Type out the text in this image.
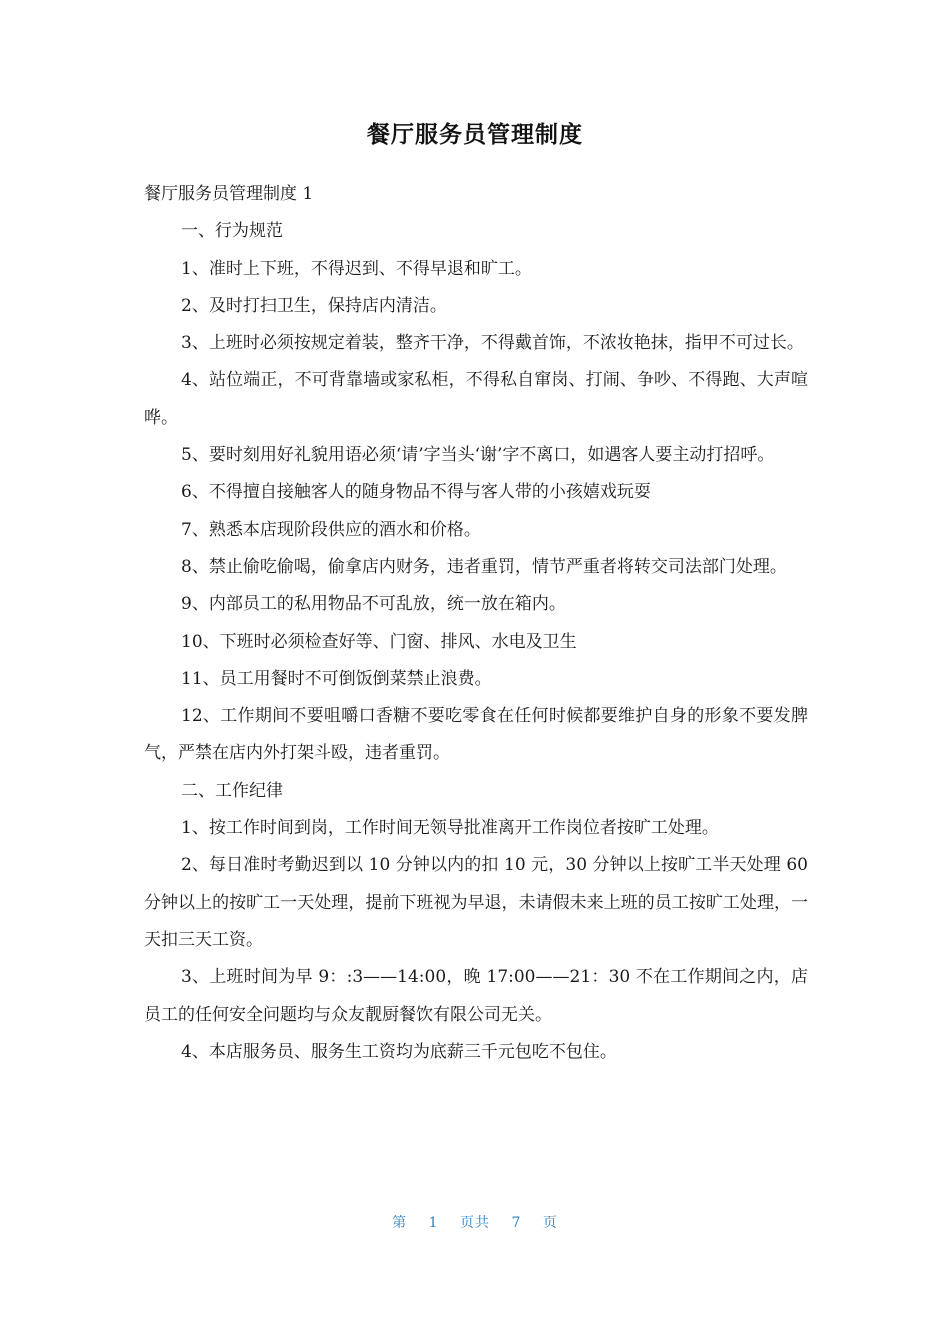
餐厅服务员管理制度

餐厅服务员管理制度 1

一、行为规范

1、准时上下班，不得迟到、不得早退和旷工。

2、及时打扫卫生，保持店内清洁。

3、上班时必须按规定着装，整齐干净，不得戴首饰，不浓妆艳抹，指甲不可过长。

4、站位端正，不可背靠墙或家私柜，不得私自窜岗、打闹、争吵、不得跑、大声喧哗。

5、要时刻用好礼貌用语必须‘请’字当头‘谢’字不离口，如遇客人要主动打招呼。

6、不得擅自接触客人的随身物品不得与客人带的小孩嬉戏玩耍

7、熟悉本店现阶段供应的酒水和价格。

8、禁止偷吃偷喝，偷拿店内财务，违者重罚，情节严重者将转交司法部门处理。

9、内部员工的私用物品不可乱放，统一放在箱内。

10、下班时必须检查好等、门窗、排风、水电及卫生

11、员工用餐时不可倒饭倒菜禁止浪费。

12、工作期间不要咀嚼口香糖不要吃零食在任何时候都要维护自身的形象不要发脾气，严禁在店内外打架斗殴，违者重罚。

二、工作纪律

1、按工作时间到岗，工作时间无领导批准离开工作岗位者按旷工处理。

2、每日准时考勤迟到以 10 分钟以内的扣 10 元，30 分钟以上按旷工半天处理 60 分钟以上的按旷工一天处理，提前下班视为早退，未请假未来上班的员工按旷工处理，一天扣三天工资。

3、上班时间为早 9：:3——14:00，晚 17:00——21：30 不在工作期间之内，店员工的任何安全问题均与众友靓厨餐饮有限公司无关。

4、本店服务员、服务生工资均为底薪三千元包吃不包住。

第 1 页共 7 页
